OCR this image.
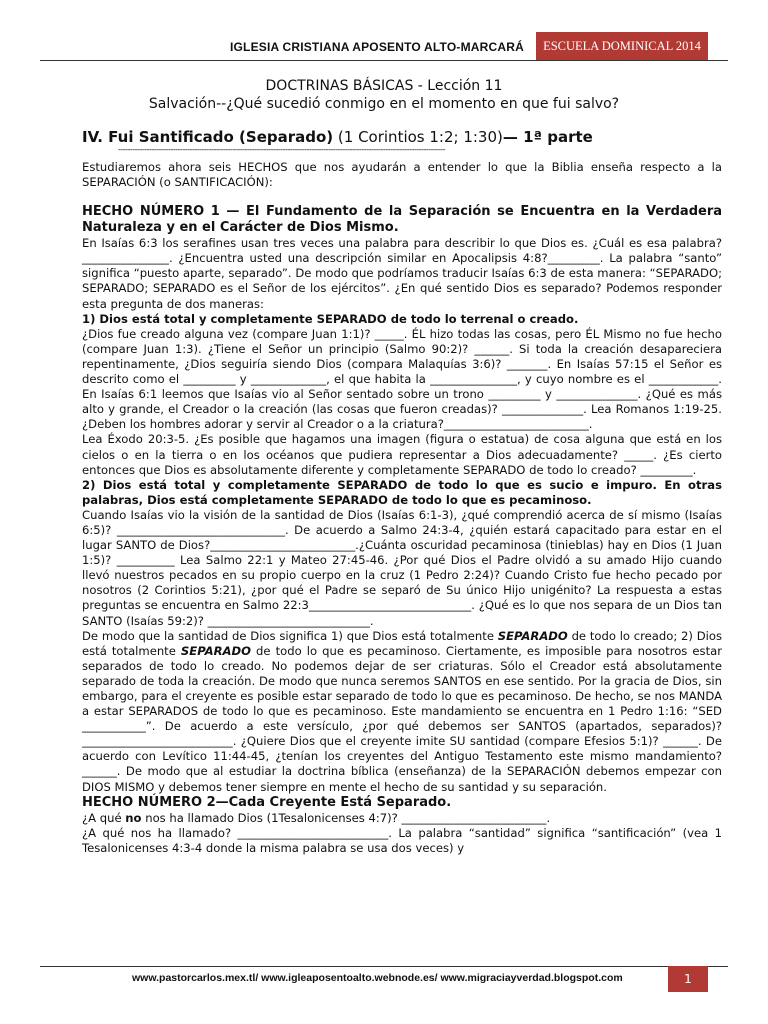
IGLESIA CRISTIANA APOSENTO ALTO-MARCARÁ	ESCUELA DOMINICAL 2014
DOCTRINAS BÁSICAS - Lección 11
Salvación--¿Qué sucedió conmigo en el momento en que fui salvo?
IV. Fui Santificado (Separado) (1 Corintios 1:2; 1:30)— 1ª parte
-----------------------------------------------------------------------------------------------------------------------------------------

Estudiaremos ahora seis HECHOS que nos ayudarán a entender lo que la Biblia enseña respecto a la SEPARACIÓN (o SANTIFICACIÓN):

HECHO NÚMERO 1 — El Fundamento de la Separación se Encuentra en la Verdadera Naturaleza y en el Carácter de Dios Mismo.

En Isaías 6:3 los serafines usan tres veces una palabra para describir lo que Dios es. ¿Cuál es esa palabra?_______________. ¿Encuentra usted una descripción similar en Apocalipsis 4:8?_________. La palabra “santo” significa “puesto aparte, separado”. De modo que podríamos traducir Isaías 6:3 de esta manera: “SEPARADO; SEPARADO; SEPARADO es el Señor de los ejércitos”. ¿En qué sentido Dios es separado? Podemos responder esta pregunta de dos maneras:

1) Dios está total y completamente SEPARADO de todo lo terrenal o creado.

¿Dios fue creado alguna vez (compare Juan 1:1)? _____. ÉL hizo todas las cosas, pero ÉL Mismo no fue hecho (compare Juan 1:3). ¿Tiene el Señor un principio (Salmo 90:2)? ______. Si toda la creación desapareciera repentinamente, ¿Dios seguiría siendo Dios (compara Malaquías 3:6)? _______. En Isaías 57:15 el Señor es descrito como el _________ y _____________, el que habita la _______________, y cuyo nombre es el ____________. En Isaías 6:1 leemos que Isaías vio al Señor sentado sobre un trono _________ y ______________. ¿Qué es más alto y grande, el Creador o la creación (las cosas que fueron creadas)? ______________. Lea Romanos 1:19-25. ¿Deben los hombres adorar y servir al Creador o a la criatura?_________________________.

Lea Éxodo 20:3-5. ¿Es posible que hagamos una imagen (figura o estatua) de cosa alguna que está en los cielos o en la tierra o en los océanos que pudiera representar a Dios adecuadamente? _____. ¿Es cierto entonces que Dios es absolutamente diferente y completamente SEPARADO de todo lo creado? _________.

2) Dios está total y completamente SEPARADO de todo lo que es sucio e impuro. En otras palabras, Dios está completamente SEPARADO de todo lo que es pecaminoso.

Cuando Isaías vio la visión de la santidad de Dios (Isaías 6:1-3), ¿qué comprendió acerca de sí mismo (Isaías 6:5)? _____________________________. De acuerdo a Salmo 24:3-4, ¿quién estará capacitado para estar en el lugar SANTO de Dios?_________________________.¿Cuánta oscuridad pecaminosa (tinieblas) hay en Dios (1 Juan 1:5)? __________ Lea Salmo 22:1 y Mateo 27:45-46. ¿Por qué Dios el Padre olvidó a su amado Hijo cuando llevó nuestros pecados en su propio cuerpo en la cruz (1 Pedro 2:24)? Cuando Cristo fue hecho pecado por nosotros (2 Corintios 5:21), ¿por qué el Padre se separó de Su único Hijo unigénito? La respuesta a estas preguntas se encuentra en Salmo 22:3____________________________. ¿Qué es lo que nos separa de un Dios tan SANTO (Isaías 59:2)? ____________________________.

De modo que la santidad de Dios significa 1) que Dios está totalmente SEPARADO de todo lo creado; 2) Dios está totalmente SEPARADO de todo lo que es pecaminoso. Ciertamente, es imposible para nosotros estar separados de todo lo creado. No podemos dejar de ser criaturas. Sólo el Creador está absolutamente separado de toda la creación. De modo que nunca seremos SANTOS en ese sentido. Por la gracia de Dios, sin embargo, para el creyente es posible estar separado de todo lo que es pecaminoso. De hecho, se nos MANDA a estar SEPARADOS de todo lo que es pecaminoso. Este mandamiento se encuentra en 1 Pedro 1:16: “SED ___________”. De acuerdo a este versículo, ¿por qué debemos ser SANTOS (apartados, separados)? __________________________. ¿Quiere Dios que el creyente imite SU santidad (compare Efesios 5:1)? ______. De acuerdo con Levítico 11:44-45, ¿tenían los creyentes del Antiguo Testamento este mismo mandamiento? ______. De modo que al estudiar la doctrina bíblica (enseñanza) de la SEPARACIÓN debemos empezar con DIOS MISMO y debemos tener siempre en mente el hecho de su santidad y su separación.

HECHO NÚMERO 2—Cada Creyente Está Separado.

¿A qué no nos ha llamado Dios (1Tesalonicenses 4:7)? _________________________.

¿A qué nos ha llamado? __________________________. La palabra “santidad” significa “santificación” (vea 1 Tesalonicenses 4:3-4 donde la misma palabra se usa dos veces) y

www.pastorcarlos.mex.tl/ www.igleaposentoalto.webnode.es/ www.migraciayverdad.blogspot.com	1
